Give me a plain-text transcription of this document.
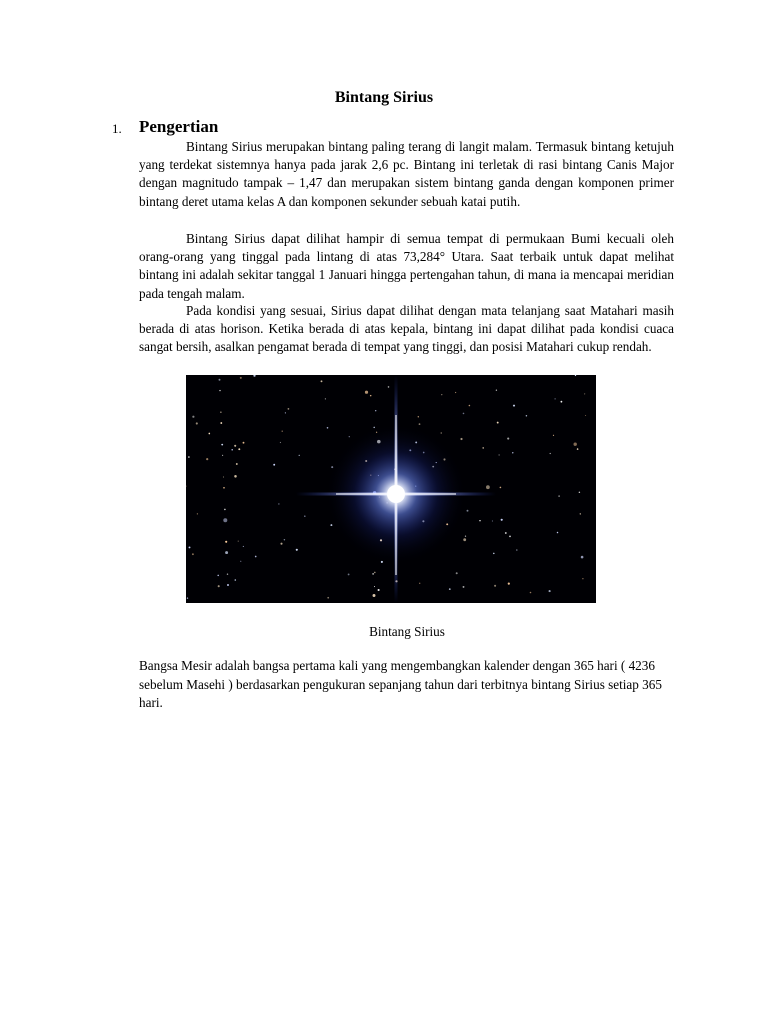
Bintang Sirius
1. Pengertian

Bintang Sirius merupakan bintang paling terang di langit malam. Termasuk bintang ketujuh yang terdekat sistemnya hanya pada jarak 2,6 pc. Bintang ini terletak di rasi bintang Canis Major dengan magnitudo tampak – 1,47 dan merupakan sistem bintang ganda dengan komponen primer bintang deret utama kelas A dan komponen sekunder sebuah katai putih.

Bintang Sirius dapat dilihat hampir di semua tempat di permukaan Bumi kecuali oleh orang-orang yang tinggal pada lintang di atas 73,284° Utara. Saat terbaik untuk dapat melihat bintang ini adalah sekitar tanggal 1 Januari hingga pertengahan tahun, di mana ia mencapai meridian pada tengah malam.

Pada kondisi yang sesuai, Sirius dapat dilihat dengan mata telanjang saat Matahari masih berada di atas horison. Ketika berada di atas kepala, bintang ini dapat dilihat pada kondisi cuaca sangat bersih, asalkan pengamat berada di tempat yang tinggi, dan posisi Matahari cukup rendah.

Bintang Sirius

Bangsa Mesir adalah bangsa pertama kali yang mengembangkan kalender dengan 365 hari ( 4236 sebelum Masehi ) berdasarkan pengukuran sepanjang tahun dari terbitnya bintang Sirius setiap 365 hari.
